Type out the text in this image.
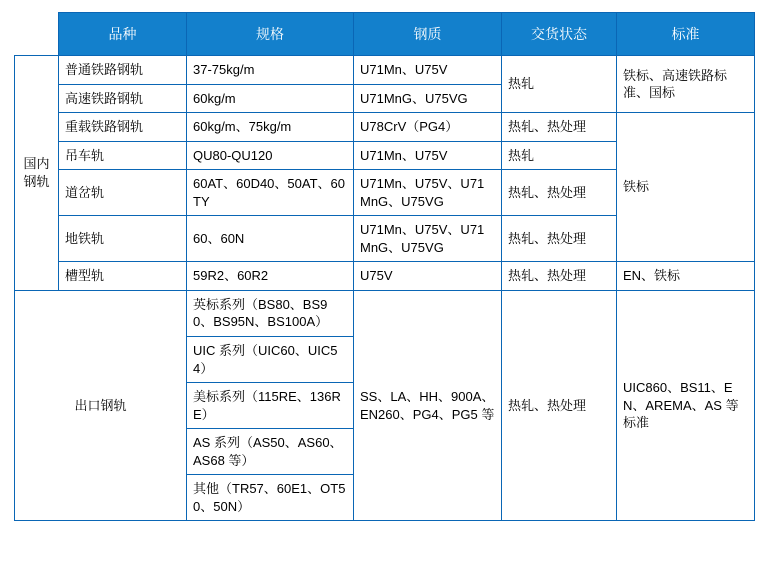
	品种	规格	钢质	交货状态	标准

国内
钢轨	普通铁路钢轨	37-75kg/m	U71Mn、U75V	热轧	铁标、高速铁路标准、国标
	高速铁路钢轨	60kg/m	U71MnG、U75VG		
	重载铁路钢轨	60kg/m、75kg/m	U78CrV（PG4）	热轧、热处理	铁标
	吊车轨	QU80-QU120	U71Mn、U75V	热轧	
	道岔轨	60AT、60D40、50AT、60TY	U71Mn、U75V、U71MnG、U75VG	热轧、热处理	
	地铁轨	60、60N	U71Mn、U75V、U71MnG、U75VG	热轧、热处理	
	槽型轨	59R2、60R2	U75V	热轧、热处理	EN、铁标
出口钢轨		英标系列（BS80、BS90、BS95N、BS100A）	SS、LA、HH、900A、EN260、PG4、PG5 等	热轧、热处理	UIC860、BS11、EN、AREMA、AS 等标准
		UIC 系列（UIC60、UIC54）			
		美标系列（115RE、136RE）			
		AS 系列（AS50、AS60、AS68 等）			
		其他（TR57、60E1、OT50、50N）			
